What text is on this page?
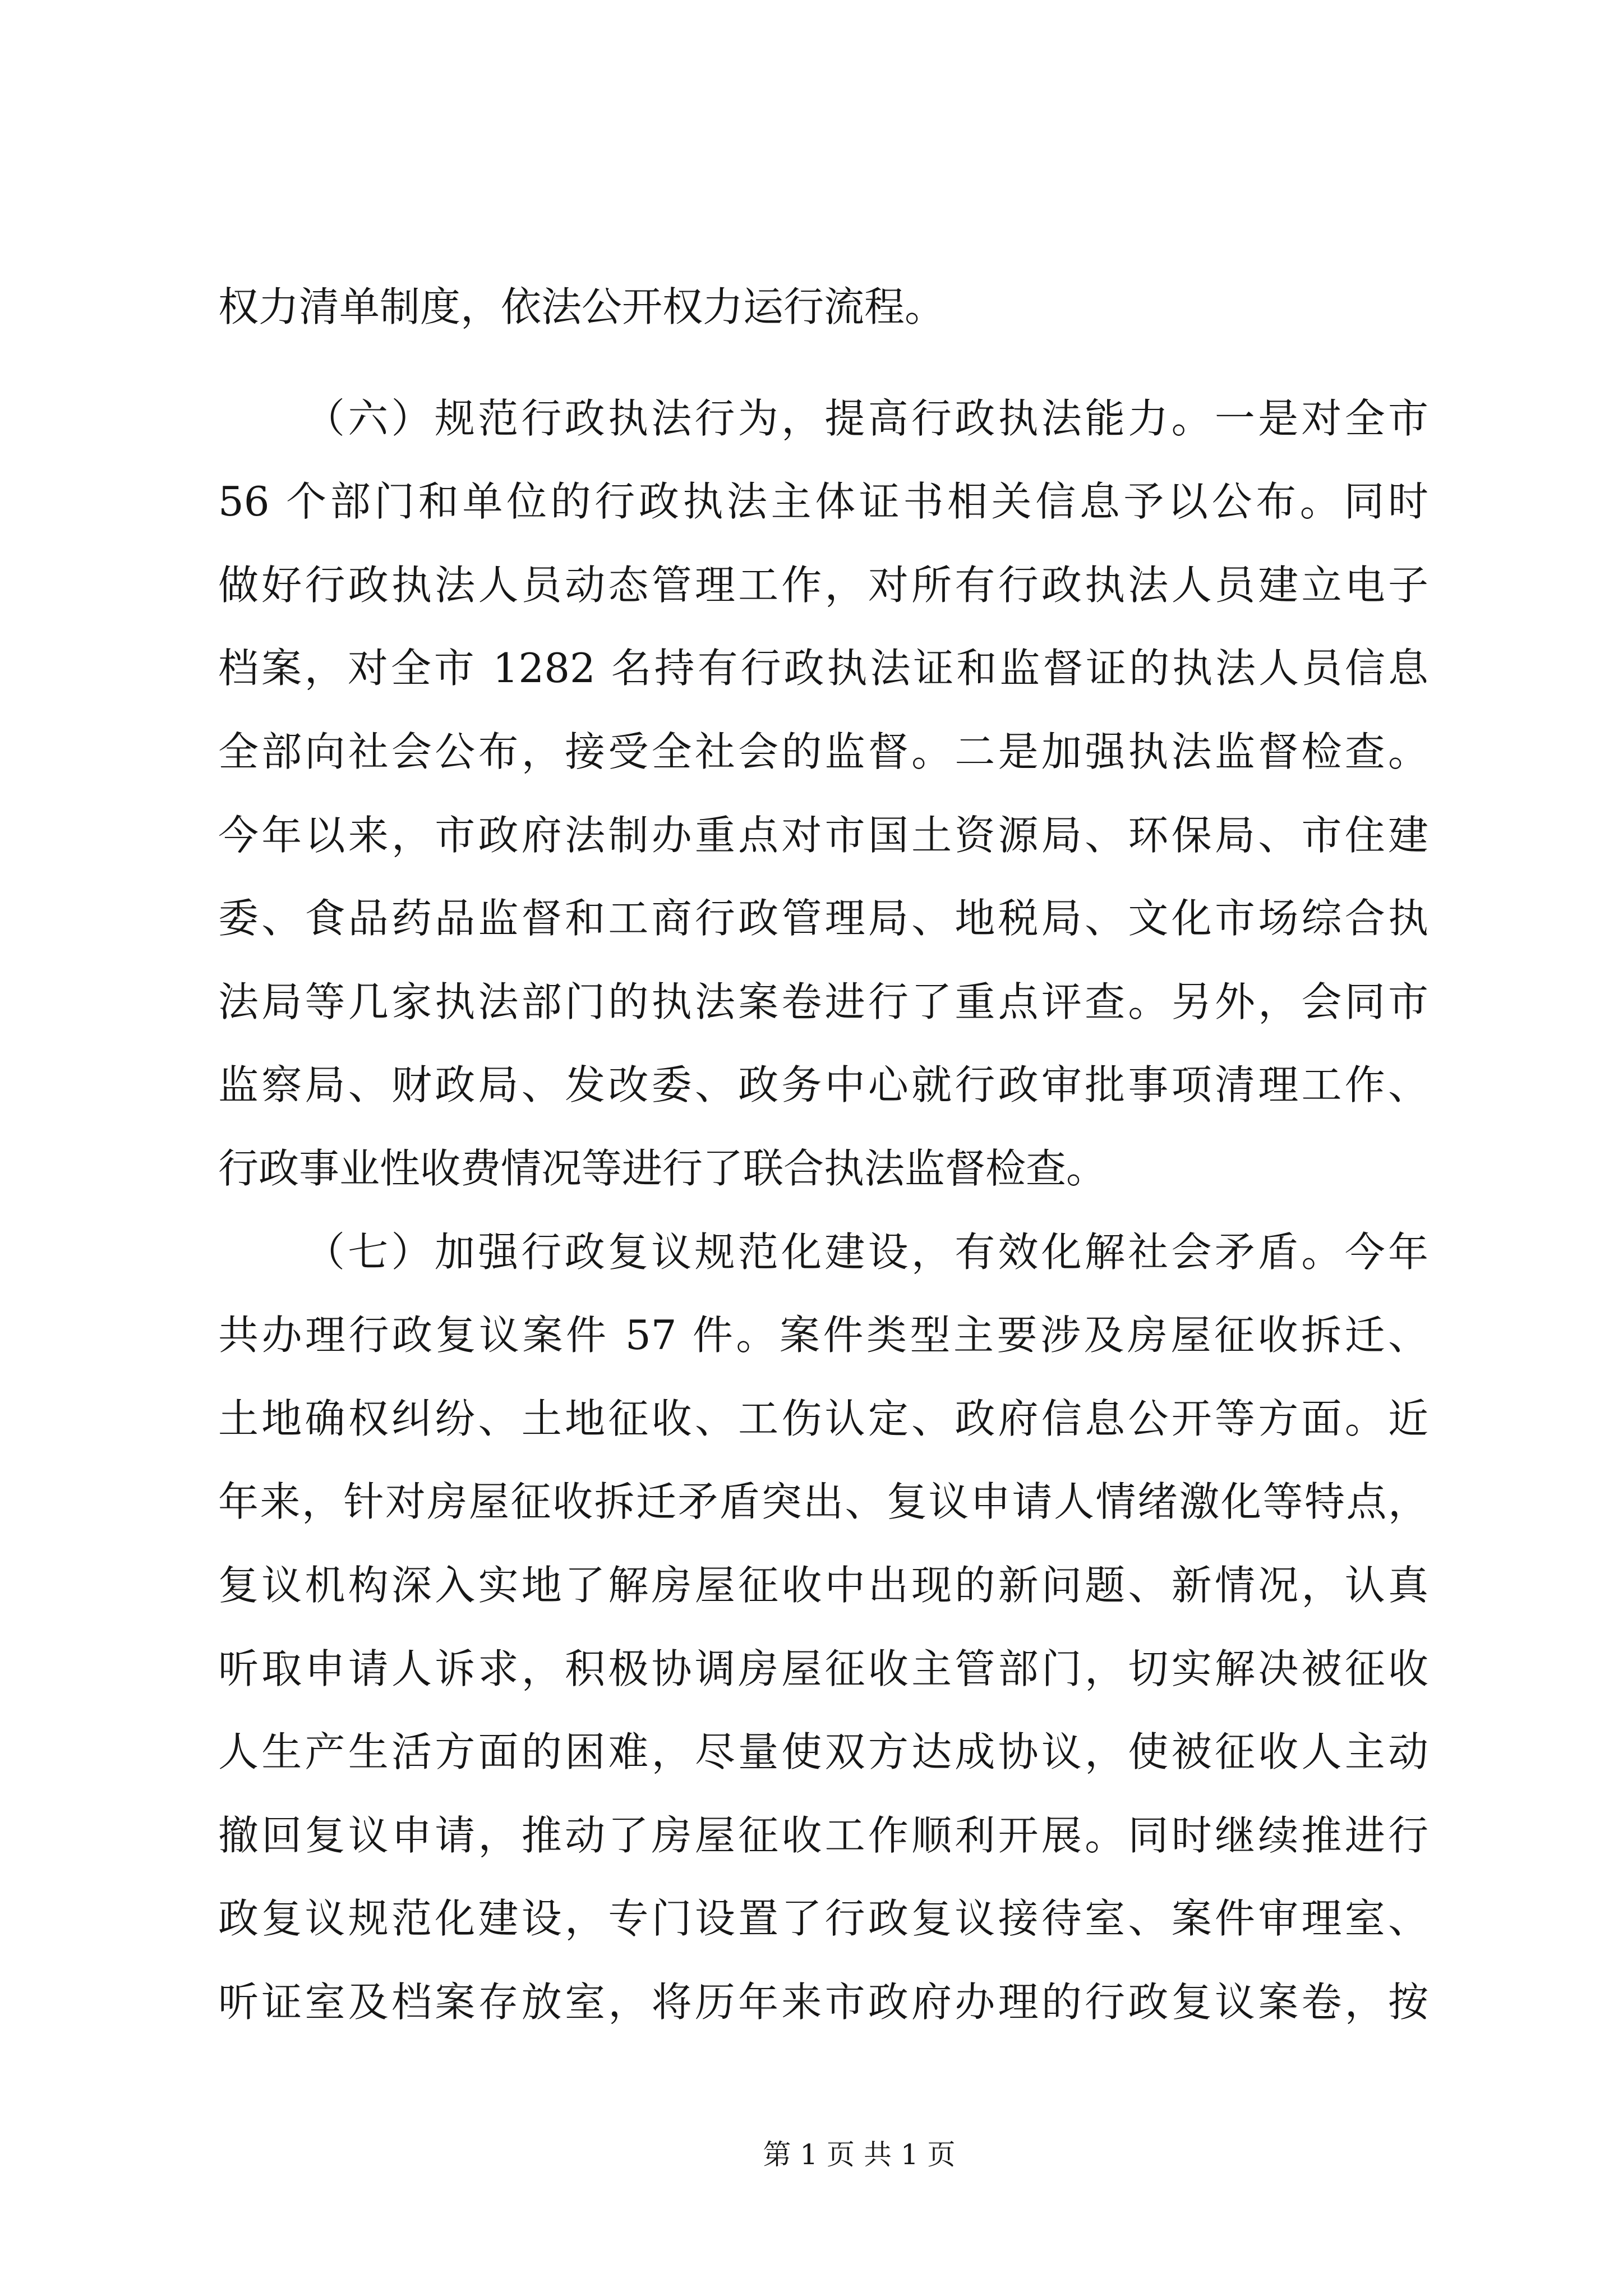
权力清单制度，依法公开权力运行流程。
（六）规范行政执法行为，提高行政执法能力。一是对全市
56 个部门和单位的行政执法主体证书相关信息予以公布。同时
做好行政执法人员动态管理工作，对所有行政执法人员建立电子
档案，对全市 1282 名持有行政执法证和监督证的执法人员信息
全部向社会公布，接受全社会的监督。二是加强执法监督检查。
今年以来，市政府法制办重点对市国土资源局、环保局、市住建
委、食品药品监督和工商行政管理局、地税局、文化市场综合执
法局等几家执法部门的执法案卷进行了重点评查。另外，会同市
监察局、财政局、发改委、政务中心就行政审批事项清理工作、
行政事业性收费情况等进行了联合执法监督检查。
（七）加强行政复议规范化建设，有效化解社会矛盾。今年
共办理行政复议案件 57 件。案件类型主要涉及房屋征收拆迁、
土地确权纠纷、土地征收、工伤认定、政府信息公开等方面。近
年来，针对房屋征收拆迁矛盾突出、复议申请人情绪激化等特点，
复议机构深入实地了解房屋征收中出现的新问题、新情况，认真
听取申请人诉求，积极协调房屋征收主管部门，切实解决被征收
人生产生活方面的困难，尽量使双方达成协议，使被征收人主动
撤回复议申请，推动了房屋征收工作顺利开展。同时继续推进行
政复议规范化建设，专门设置了行政复议接待室、案件审理室、
听证室及档案存放室，将历年来市政府办理的行政复议案卷，按
第 1 页 共 1 页
